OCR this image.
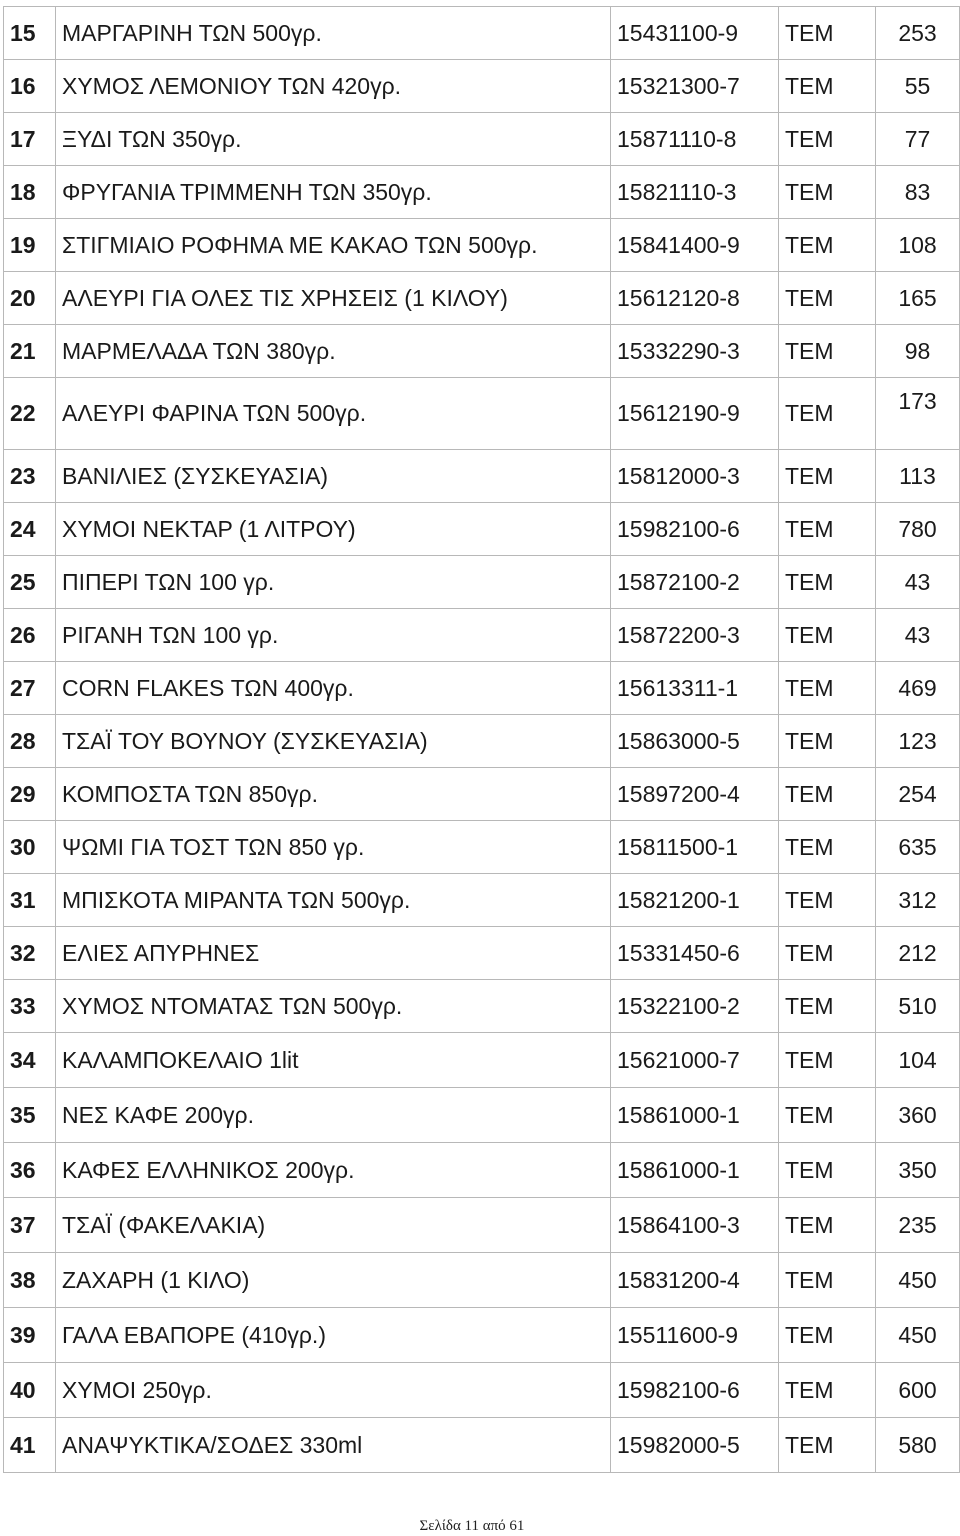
15	ΜΑΡΓΑΡΙΝΗ ΤΩΝ 500γρ.	15431100-9	ΤΕΜ	253
16	ΧΥΜΟΣ ΛΕΜΟΝΙΟΥ ΤΩΝ 420γρ.	15321300-7	ΤΕΜ	55
17	ΞΥΔΙ ΤΩΝ 350γρ.	15871110-8	ΤΕΜ	77
18	ΦΡΥΓΑΝΙΑ ΤΡΙΜΜΕΝΗ ΤΩΝ 350γρ.	15821110-3	ΤΕΜ	83
19	ΣΤΙΓΜΙΑΙΟ ΡΟΦΗΜΑ ΜΕ ΚΑΚΑΟ ΤΩΝ 500γρ.	15841400-9	ΤΕΜ	108
20	ΑΛΕΥΡΙ ΓΙΑ ΟΛΕΣ ΤΙΣ ΧΡΗΣΕΙΣ (1 ΚΙΛΟΥ)	15612120-8	ΤΕΜ	165
21	ΜΑΡΜΕΛΑΔΑ ΤΩΝ 380γρ.	15332290-3	ΤΕΜ	98
22	ΑΛΕΥΡΙ ΦΑΡΙΝΑ ΤΩΝ 500γρ.	15612190-9	ΤΕΜ	173
23	ΒΑΝΙΛΙΕΣ (ΣΥΣΚΕΥΑΣΙΑ)	15812000-3	ΤΕΜ	113
24	ΧΥΜΟΙ ΝΕΚΤΑΡ (1 ΛΙΤΡΟΥ)	15982100-6	ΤΕΜ	780
25	ΠΙΠΕΡΙ ΤΩΝ 100 γρ.	15872100-2	ΤΕΜ	43
26	ΡΙΓΑΝΗ ΤΩΝ 100 γρ.	15872200-3	ΤΕΜ	43
27	CORN FLAKES ΤΩΝ 400γρ.	15613311-1	ΤΕΜ	469
28	ΤΣΑΪ ΤΟΥ ΒΟΥΝΟΥ (ΣΥΣΚΕΥΑΣΙΑ)	15863000-5	ΤΕΜ	123
29	ΚΟΜΠΟΣΤΑ ΤΩΝ 850γρ.	15897200-4	ΤΕΜ	254
30	ΨΩΜΙ ΓΙΑ ΤΟΣΤ ΤΩΝ 850 γρ.	15811500-1	ΤΕΜ	635
31	ΜΠΙΣΚΟΤΑ ΜΙΡΑΝΤΑ ΤΩΝ 500γρ.	15821200-1	ΤΕΜ	312
32	ΕΛΙΕΣ ΑΠΥΡΗΝΕΣ	15331450-6	ΤΕΜ	212
33	ΧΥΜΟΣ ΝΤΟΜΑΤΑΣ ΤΩΝ 500γρ.	15322100-2	ΤΕΜ	510
34	ΚΑΛΑΜΠΟΚΕΛΑΙΟ 1lit	15621000-7	ΤΕΜ	104
35	ΝΕΣ ΚΑΦΕ 200γρ.	15861000-1	ΤΕΜ	360
36	ΚΑΦΕΣ ΕΛΛΗΝΙΚΟΣ 200γρ.	15861000-1	ΤΕΜ	350
37	ΤΣΑΪ (ΦΑΚΕΛΑΚΙΑ)	15864100-3	ΤΕΜ	235
38	ΖΑΧΑΡΗ (1 ΚΙΛΟ)	15831200-4	ΤΕΜ	450
39	ΓΑΛΑ ΕΒΑΠΟΡΕ (410γρ.)	15511600-9	ΤΕΜ	450
40	ΧΥΜΟΙ 250γρ.	15982100-6	ΤΕΜ	600
41	ΑΝΑΨΥΚΤΙΚΑ/ΣΟΔΕΣ 330ml	15982000-5	ΤΕΜ	580
Σελίδα 11 από 61
